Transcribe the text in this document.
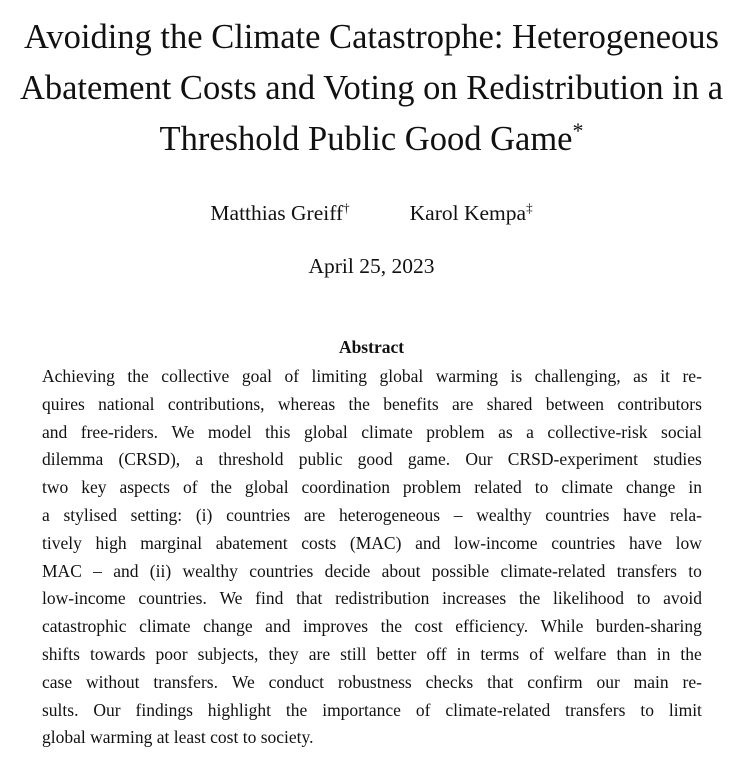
Avoiding the Climate Catastrophe: Heterogeneous
Abatement Costs and Voting on Redistribution in a
Threshold Public Good Game*
Matthias Greiff†	Karol Kempa‡
April 25, 2023
Abstract
Achieving the collective goal of limiting global warming is challenging, as it re-
quires national contributions, whereas the benefits are shared between contributors
and free-riders. We model this global climate problem as a collective-risk social
dilemma (CRSD), a threshold public good game. Our CRSD-experiment studies
two key aspects of the global coordination problem related to climate change in
a stylised setting: (i) countries are heterogeneous – wealthy countries have rela-
tively high marginal abatement costs (MAC) and low-income countries have low
MAC – and (ii) wealthy countries decide about possible climate-related transfers to
low-income countries. We find that redistribution increases the likelihood to avoid
catastrophic climate change and improves the cost efficiency. While burden-sharing
shifts towards poor subjects, they are still better off in terms of welfare than in the
case without transfers. We conduct robustness checks that confirm our main re-
sults. Our findings highlight the importance of climate-related transfers to limit
global warming at least cost to society.
